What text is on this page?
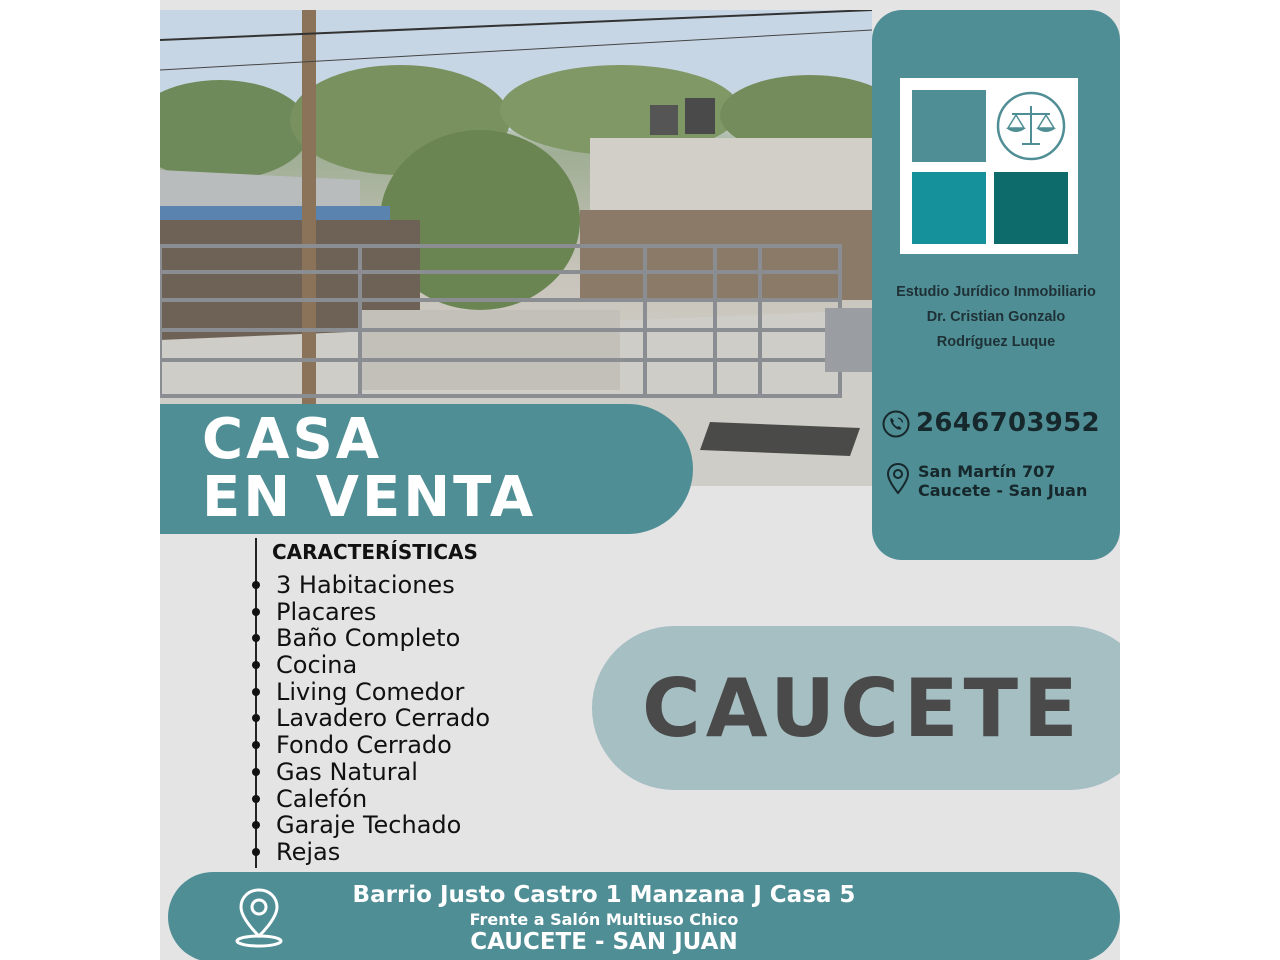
Estudio Jurídico Inmobiliario
Dr. Cristian Gonzalo
Rodríguez Luque
2646703952
San Martín 707
Caucete - San Juan
CASA
EN VENTA
CARACTERÍSTICAS
3 Habitaciones
Placares
Baño Completo
Cocina
Living Comedor
Lavadero Cerrado
Fondo Cerrado
Gas Natural
Calefón
Garaje Techado
Rejas
CAUCETE
Barrio Justo Castro 1 Manzana J Casa 5
Frente a Salón Multiuso Chico
CAUCETE - SAN JUAN
